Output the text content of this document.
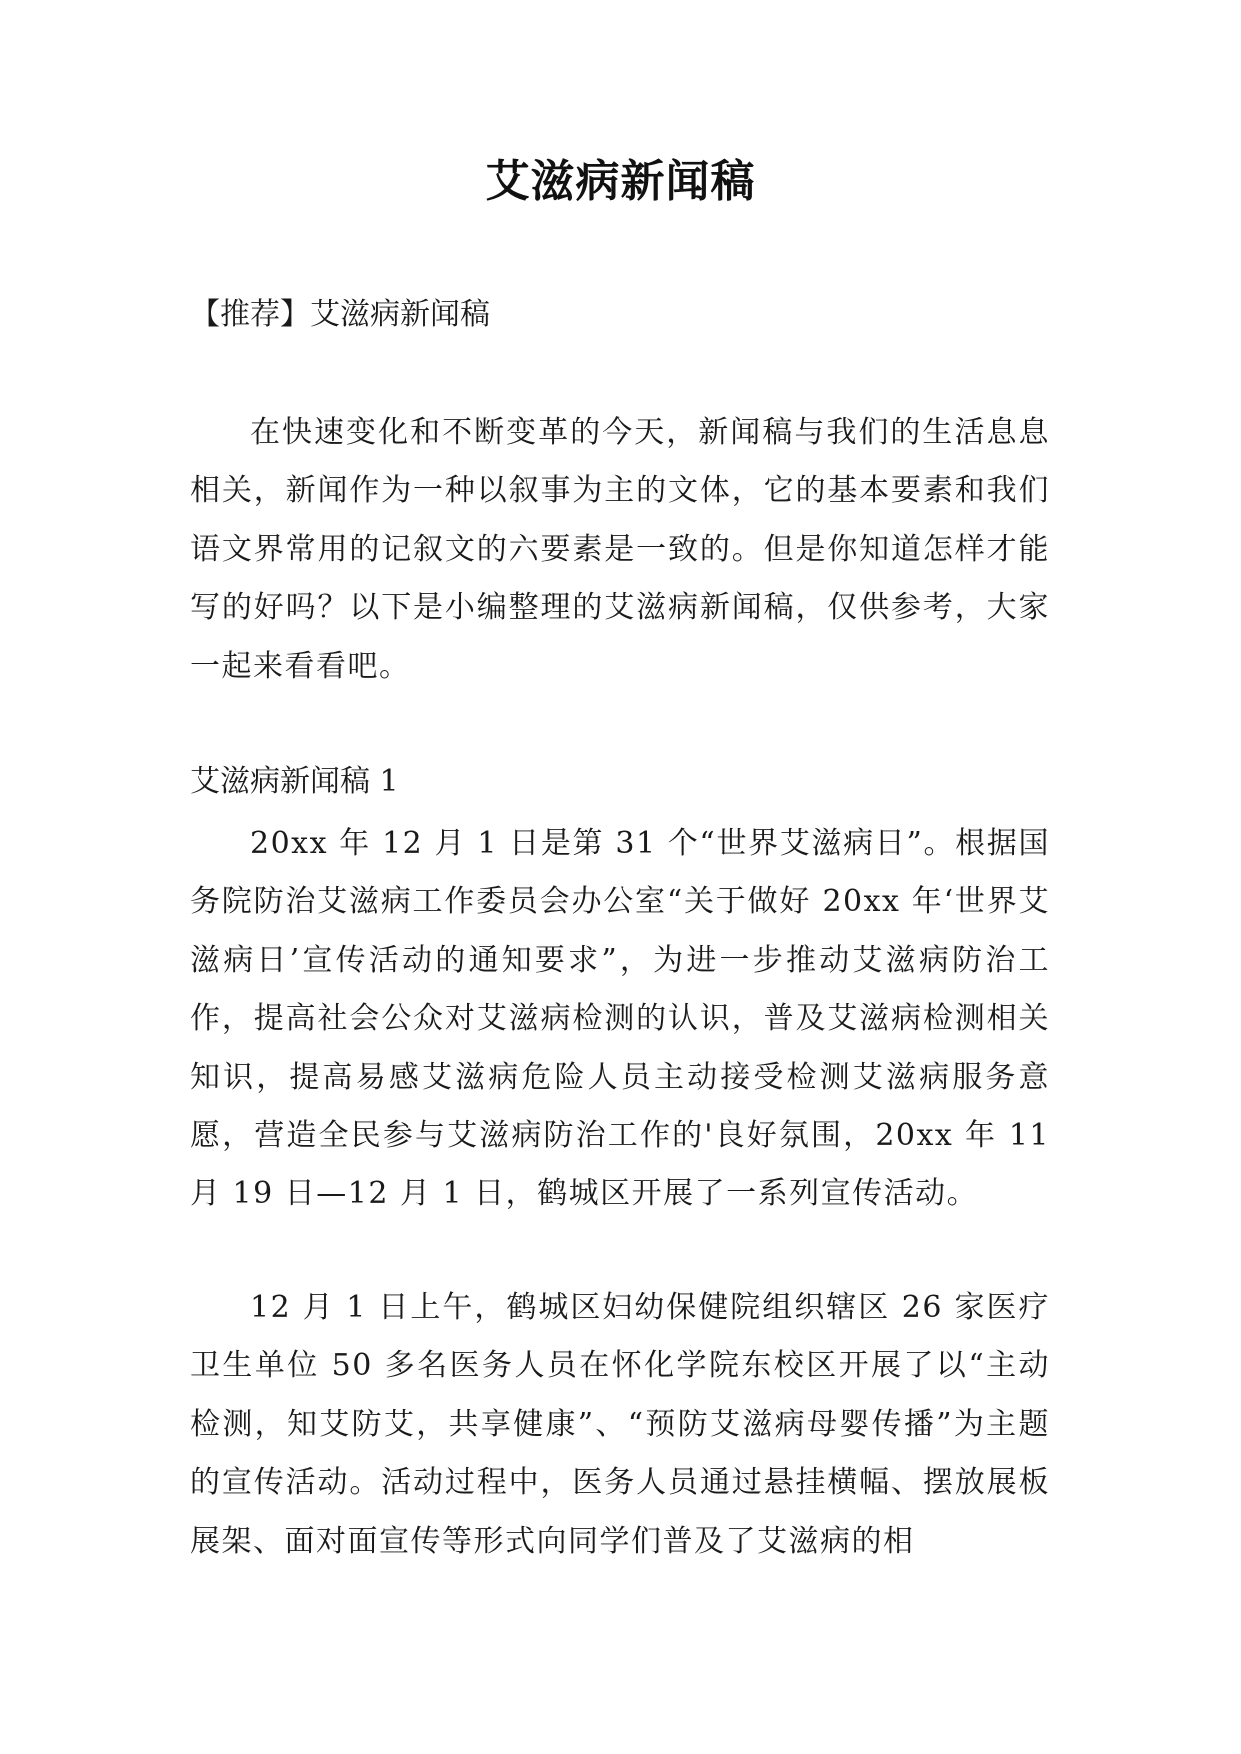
艾滋病新闻稿

【推荐】艾滋病新闻稿

在快速变化和不断变革的今天，新闻稿与我们的生活息息相关，新闻作为一种以叙事为主的文体，它的基本要素和我们语文界常用的记叙文的六要素是一致的。但是你知道怎样才能写的好吗？以下是小编整理的艾滋病新闻稿，仅供参考，大家一起来看看吧。

艾滋病新闻稿 1

20xx 年 12 月 1 日是第 31 个“世界艾滋病日”。根据国务院防治艾滋病工作委员会办公室“关于做好 20xx 年‘世界艾滋病日’宣传活动的通知要求”，为进一步推动艾滋病防治工作，提高社会公众对艾滋病检测的认识，普及艾滋病检测相关知识，提高易感艾滋病危险人员主动接受检测艾滋病服务意愿，营造全民参与艾滋病防治工作的'良好氛围，20xx 年 11 月 19 日—12 月 1 日，鹤城区开展了一系列宣传活动。

12 月 1 日上午，鹤城区妇幼保健院组织辖区 26 家医疗卫生单位 50 多名医务人员在怀化学院东校区开展了以“主动检测，知艾防艾，共享健康”、“预防艾滋病母婴传播”为主题的宣传活动。活动过程中，医务人员通过悬挂横幅、摆放展板展架、面对面宣传等形式向同学们普及了艾滋病的相
